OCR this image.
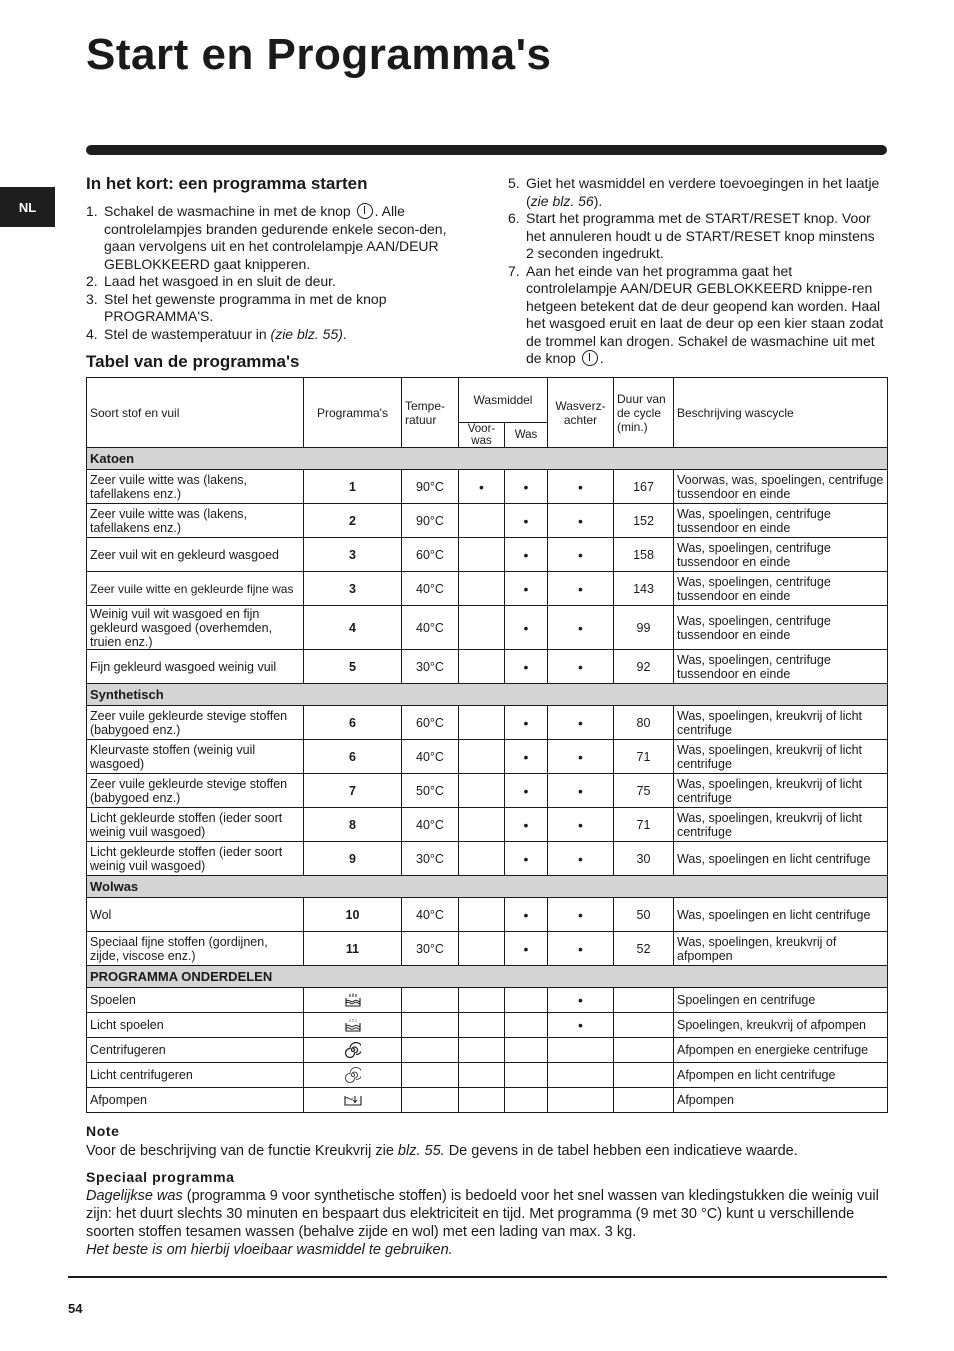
Start en Programma's
NL
In het kort: een programma starten
1. Schakel de wasmachine in met de knop . Alle controlelampjes branden gedurende enkele secon-den, gaan vervolgens uit en het controlelampje AAN/DEUR GEBLOKKEERD gaat knipperen.
2. Laad het wasgoed in en sluit de deur.
3. Stel het gewenste programma in met de knop PROGRAMMA'S.
4. Stel de wastemperatuur in (zie blz. 55).
5. Giet het wasmiddel en verdere toevoegingen in het laatje (zie blz. 56).
6. Start het programma met de START/RESET knop. Voor het annuleren houdt u de START/RESET knop minstens 2 seconden ingedrukt.
7. Aan het einde van het programma gaat het controlelampje AAN/DEUR GEBLOKKEERD knippe-ren hetgeen betekent dat de deur geopend kan worden. Haal het wasgoed eruit en laat de deur op een kier staan zodat de trommel kan drogen. Schakel de wasmachine uit met de knop .
Tabel van de programma's
Soort stof en vuil	Programma's	Tempe-ratuur	Wasmiddel		Wasverz-achter	Duur van de cycle (min.)	Beschrijving wascycle
			Voor-was	Was			
Katoen							
Zeer vuile witte was (lakens, tafellakens enz.)	1	90°C	•	•	•	167	Voorwas, was, spoelingen, centrifuge tussendoor en einde
Zeer vuile witte was (lakens, tafellakens enz.)	2	90°C		•	•	152	Was, spoelingen, centrifuge tussendoor en einde
Zeer vuil wit en gekleurd wasgoed	3	60°C		•	•	158	Was, spoelingen, centrifuge tussendoor en einde
Zeer vuile witte en gekleurde fijne was	3	40°C		•	•	143	Was, spoelingen, centrifuge tussendoor en einde
Weinig vuil wit wasgoed en fijn gekleurd wasgoed (overhemden, truien enz.)	4	40°C		•	•	99	Was, spoelingen, centrifuge tussendoor en einde
Fijn gekleurd wasgoed weinig vuil	5	30°C		•	•	92	Was, spoelingen, centrifuge tussendoor en einde
Synthetisch							
Zeer vuile gekleurde stevige stoffen (babygoed enz.)	6	60°C		•	•	80	Was, spoelingen, kreukvrij of licht centrifuge
Kleurvaste stoffen (weinig vuil wasgoed)	6	40°C		•	•	71	Was, spoelingen, kreukvrij of licht centrifuge
Zeer vuile gekleurde stevige stoffen (babygoed enz.)	7	50°C		•	•	75	Was, spoelingen, kreukvrij of licht centrifuge
Licht gekleurde stoffen (ieder soort weinig vuil wasgoed)	8	40°C		•	•	71	Was, spoelingen, kreukvrij of licht centrifuge
Licht gekleurde stoffen (ieder soort weinig vuil wasgoed)	9	30°C		•	•	30	Was, spoelingen en licht centrifuge
Wolwas							
Wol	10	40°C		•	•	50	Was, spoelingen en licht centrifuge
Speciaal fijne stoffen (gordijnen, zijde, viscose enz.)	11	30°C		•	•	52	Was, spoelingen, kreukvrij of afpompen
PROGRAMMA ONDERDELEN							
Spoelen					•		Spoelingen en centrifuge
Licht spoelen					•		Spoelingen, kreukvrij of afpompen
Centrifugeren							Afpompen en energieke centrifuge
Licht centrifugeren							Afpompen en licht centrifuge
Afpompen							Afpompen
Note
Voor de beschrijving van de functie Kreukvrij zie blz. 55. De gevens in de tabel hebben een indicatieve waarde.
Speciaal programma
Dagelijkse was (programma 9 voor synthetische stoffen) is bedoeld voor het snel wassen van kledingstukken die weinig vuil zijn: het duurt slechts 30 minuten en bespaart dus elektriciteit en tijd. Met programma (9 met 30 °C) kunt u verschillende soorten stoffen tesamen wassen (behalve zijde en wol) met een lading van max. 3 kg.
Het beste is om hierbij vloeibaar wasmiddel te gebruiken.
54
